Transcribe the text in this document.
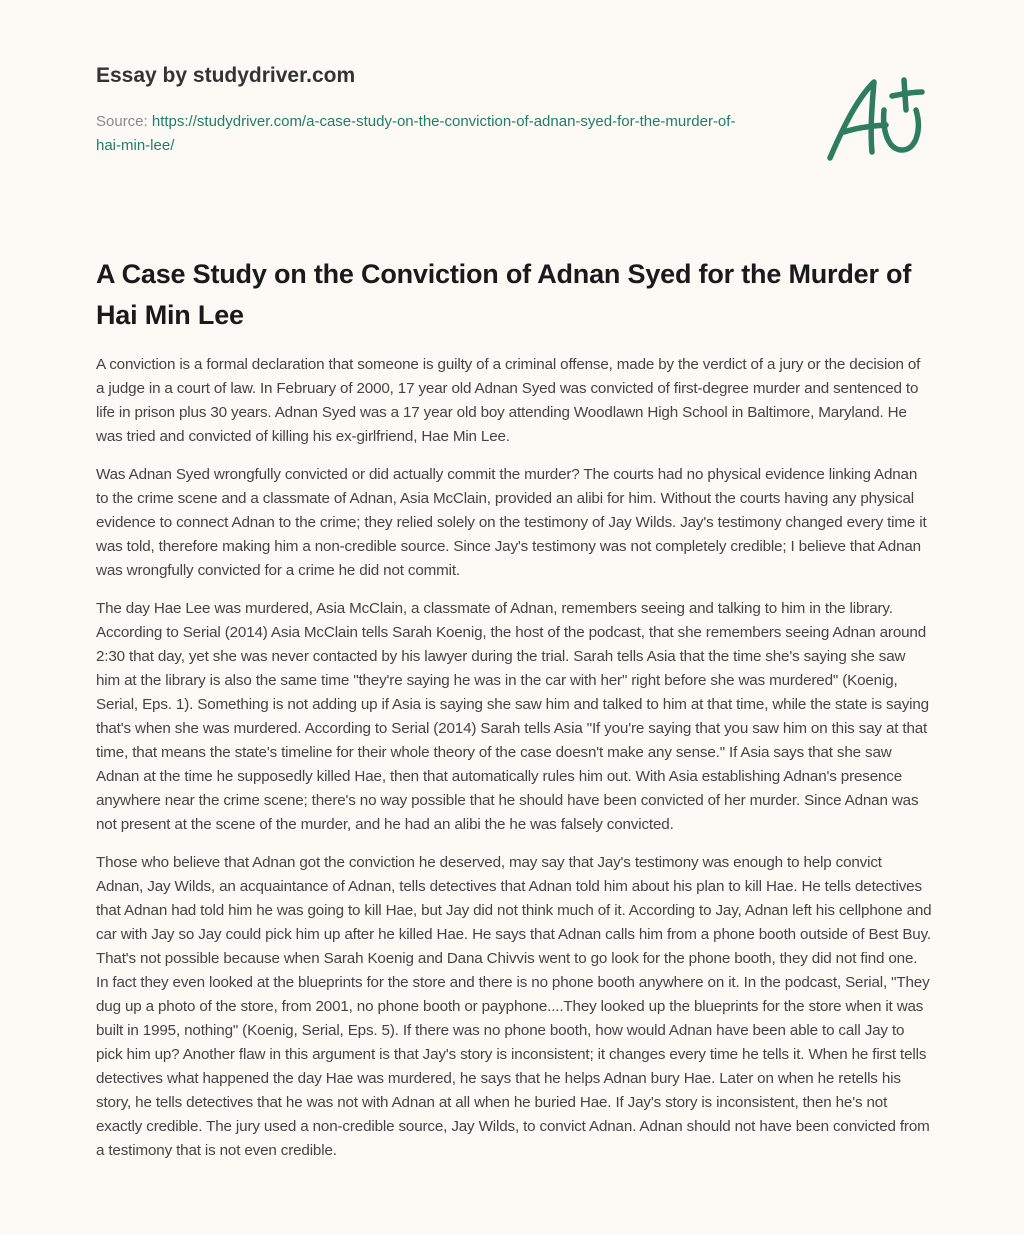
Essay by studydriver.com
Source: https://studydriver.com/a-case-study-on-the-conviction-of-adnan-syed-for-the-murder-of-hai-min-lee/
A Case Study on the Conviction of Adnan Syed for the Murder of Hai Min Lee

A conviction is a formal declaration that someone is guilty of a criminal offense, made by the verdict of a jury or the decision of a judge in a court of law. In February of 2000, 17 year old Adnan Syed was convicted of first-degree murder and sentenced to life in prison plus 30 years. Adnan Syed was a 17 year old boy attending Woodlawn High School in Baltimore, Maryland. He was tried and convicted of killing his ex-girlfriend, Hae Min Lee.

Was Adnan Syed wrongfully convicted or did actually commit the murder? The courts had no physical evidence linking Adnan to the crime scene and a classmate of Adnan, Asia McClain, provided an alibi for him. Without the courts having any physical evidence to connect Adnan to the crime; they relied solely on the testimony of Jay Wilds. Jay's testimony changed every time it was told, therefore making him a non-credible source. Since Jay's testimony was not completely credible; I believe that Adnan was wrongfully convicted for a crime he did not commit.

The day Hae Lee was murdered, Asia McClain, a classmate of Adnan, remembers seeing and talking to him in the library. According to Serial (2014) Asia McClain tells Sarah Koenig, the host of the podcast, that she remembers seeing Adnan around 2:30 that day, yet she was never contacted by his lawyer during the trial. Sarah tells Asia that the time she's saying she saw him at the library is also the same time "they're saying he was in the car with her" right before she was murdered" (Koenig, Serial, Eps. 1). Something is not adding up if Asia is saying she saw him and talked to him at that time, while the state is saying that's when she was murdered. According to Serial (2014) Sarah tells Asia "If you're saying that you saw him on this say at that time, that means the state's timeline for their whole theory of the case doesn't make any sense." If Asia says that she saw Adnan at the time he supposedly killed Hae, then that automatically rules him out. With Asia establishing Adnan's presence anywhere near the crime scene; there's no way possible that he should have been convicted of her murder. Since Adnan was not present at the scene of the murder, and he had an alibi the he was falsely convicted.

Those who believe that Adnan got the conviction he deserved, may say that Jay's testimony was enough to help convict Adnan, Jay Wilds, an acquaintance of Adnan, tells detectives that Adnan told him about his plan to kill Hae. He tells detectives that Adnan had told him he was going to kill Hae, but Jay did not think much of it. According to Jay, Adnan left his cellphone and car with Jay so Jay could pick him up after he killed Hae. He says that Adnan calls him from a phone booth outside of Best Buy. That's not possible because when Sarah Koenig and Dana Chivvis went to go look for the phone booth, they did not find one. In fact they even looked at the blueprints for the store and there is no phone booth anywhere on it. In the podcast, Serial, "They dug up a photo of the store, from 2001, no phone booth or payphone....They looked up the blueprints for the store when it was built in 1995, nothing" (Koenig, Serial, Eps. 5). If there was no phone booth, how would Adnan have been able to call Jay to pick him up? Another flaw in this argument is that Jay's story is inconsistent; it changes every time he tells it. When he first tells detectives what happened the day Hae was murdered, he says that he helps Adnan bury Hae. Later on when he retells his story, he tells detectives that he was not with Adnan at all when he buried Hae. If Jay's story is inconsistent, then he's not exactly credible. The jury used a non-credible source, Jay Wilds, to convict Adnan. Adnan should not have been convicted from a testimony that is not even credible.
